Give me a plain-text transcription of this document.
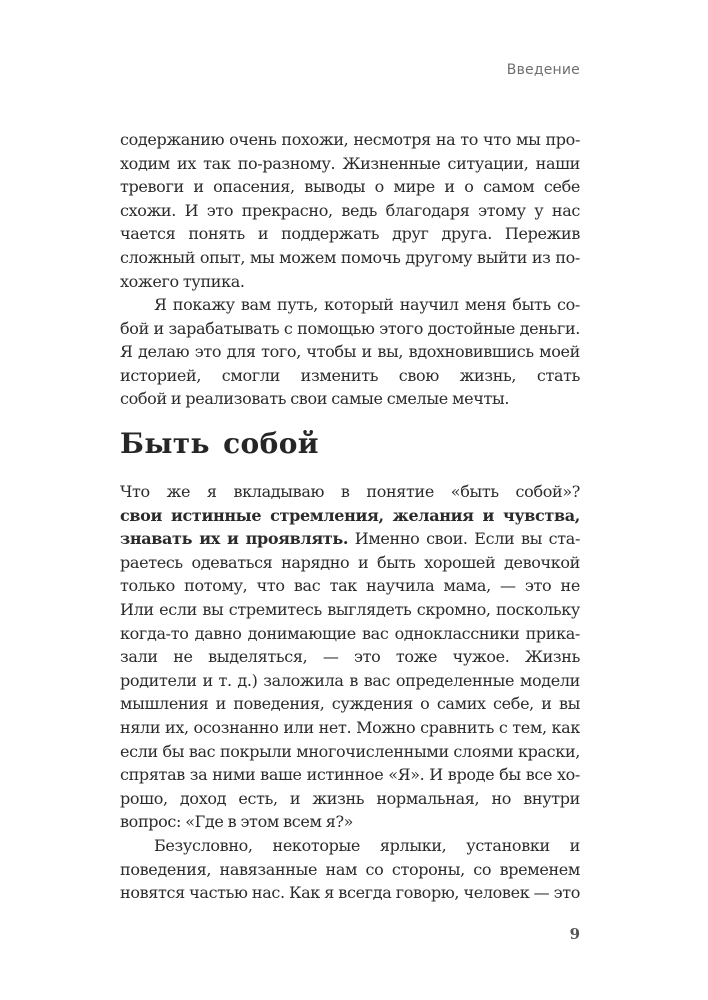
Введение
содержанию очень похожи, несмотря на то что мы про-
ходим их так по-разному. Жизненные ситуации, наши
тревоги и опасения, выводы о мире и о самом себе
схожи. И это прекрасно, ведь благодаря этому у нас
чается понять и поддержать друг друга. Пережив
сложный опыт, мы можем помочь другому выйти из по-
хожего тупика.
Я покажу вам путь, который научил меня быть со-
бой и зарабатывать с помощью этого достойные деньги.
Я делаю это для того, чтобы и вы, вдохновившись моей
историей, смогли изменить свою жизнь, стать
собой и реализовать свои самые смелые мечты.
Быть собой
Что же я вкладываю в понятие «быть собой»?
свои истинные стремления, желания и чувства,
знавать их и проявлять. Именно свои. Если вы ста-
раетесь одеваться нарядно и быть хорошей девочкой
только потому, что вас так научила мама, — это не
Или если вы стремитесь выглядеть скромно, поскольку
когда-то давно донимающие вас одноклассники прика-
зали не выделяться, — это тоже чужое. Жизнь
родители и т. д.) заложила в вас определенные модели
мышления и поведения, суждения о самих себе, и вы
няли их, осознанно или нет. Можно сравнить с тем, как
если бы вас покрыли многочисленными слоями краски,
спрятав за ними ваше истинное «Я». И вроде бы все хо-
рошо, доход есть, и жизнь нормальная, но внутри
вопрос: «Где в этом всем я?»
Безусловно, некоторые ярлыки, установки и
поведения, навязанные нам со стороны, со временем
новятся частью нас. Как я всегда говорю, человек — это
9
